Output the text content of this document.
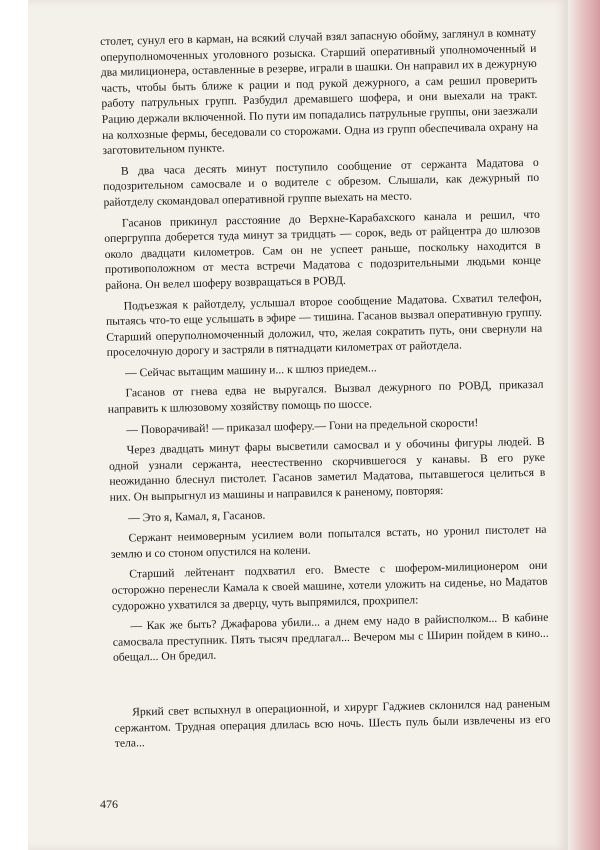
столет, сунул его в карман, на всякий случай взял запасную обойму, заглянул в комнату оперуполномоченных уголовного розыска. Старший оперативный уполномоченный и два милиционера, оставленные в резерве, играли в шашки. Он направил их в дежурную часть, чтобы быть ближе к рации и под рукой дежурного, а сам решил проверить работу патрульных групп. Разбудил дремавшего шофера, и они выехали на тракт. Рацию держали включенной. По пути им попадались патрульные группы, они заезжали на колхозные фермы, беседовали со сторожами. Одна из групп обеспечивала охрану на заготовительном пункте.

В два часа десять минут поступило сообщение от сержанта Мадатова о подозрительном самосвале и о водителе с обрезом. Слышали, как дежурный по райотделу скомандовал оперативной группе выехать на место.

Гасанов прикинул расстояние до Верхне-Карабахского канала и решил, что опергруппа доберется туда минут за тридцать — сорок, ведь от райцентра до шлюзов около двадцати километров. Сам он не успеет раньше, поскольку находится в противоположном от места встречи Мадатова с подозрительными людьми конце района. Он велел шоферу возвращаться в РОВД.

Подъезжая к райотделу, услышал второе сообщение Мадатова. Схватил телефон, пытаясь что-то еще услышать в эфире — тишина. Гасанов вызвал оперативную группу. Старший оперуполномоченный доложил, что, желая сократить путь, они свернули на проселочную дорогу и застряли в пятнадцати километрах от райотдела.

— Сейчас вытащим машину и... к шлюз приедем...

Гасанов от гнева едва не выругался. Вызвал дежурного по РОВД, приказал направить к шлюзовому хозяйству помощь по шоссе.

— Поворачивай! — приказал шоферу.— Гони на предельной скорости!

Через двадцать минут фары высветили самосвал и у обочины фигуры людей. В одной узнали сержанта, неестественно скорчившегося у канавы. В его руке неожиданно блеснул пистолет. Гасанов заметил Мадатова, пытавшегося целиться в них. Он выпрыгнул из машины и направился к раненому, повторяя:

— Это я, Камал, я, Гасанов.

Сержант неимоверным усилием воли попытался встать, но уронил пистолет на землю и со стоном опустился на колени.

Старший лейтенант подхватил его. Вместе с шофером-милиционером они осторожно перенесли Камала к своей машине, хотели уложить на сиденье, но Мадатов судорожно ухватился за дверцу, чуть выпрямился, прохрипел:

— Как же быть? Джафарова убили... а днем ему надо в райисполком... В кабине самосвала преступник. Пять тысяч предлагал... Вечером мы с Ширин пойдем в кино... обещал... Он бредил.

Яркий свет вспыхнул в операционной, и хирург Гаджиев склонился над раненым сержантом. Трудная операция длилась всю ночь. Шесть пуль были извлечены из его тела...

476
